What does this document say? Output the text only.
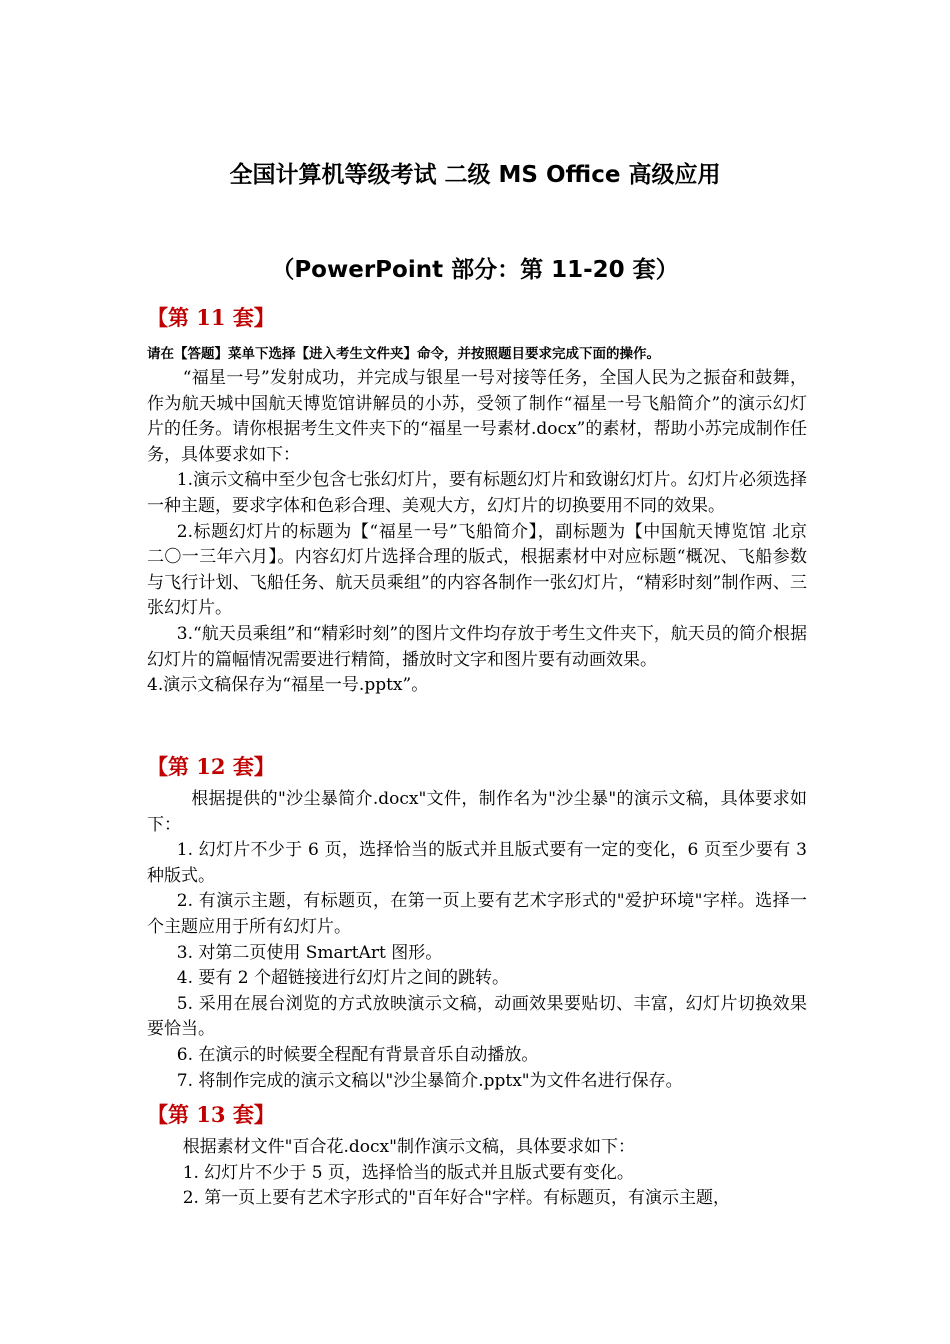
全国计算机等级考试 二级 MS Office 高级应用
（PowerPoint 部分：第 11-20 套）
【第 11 套】
请在【答题】菜单下选择【进入考生文件夹】命令，并按照题目要求完成下面的操作。

“福星一号”发射成功，并完成与银星一号对接等任务，全国人民为之振奋和鼓舞，作为航天城中国航天博览馆讲解员的小苏，受领了制作“福星一号飞船简介”的演示幻灯片的任务。请你根据考生文件夹下的“福星一号素材.docx”的素材，帮助小苏完成制作任务，具体要求如下：

1.演示文稿中至少包含七张幻灯片，要有标题幻灯片和致谢幻灯片。幻灯片必须选择一种主题，要求字体和色彩合理、美观大方，幻灯片的切换要用不同的效果。

2.标题幻灯片的标题为【“福星一号”飞船简介】，副标题为【中国航天博览馆 北京 二〇一三年六月】。内容幻灯片选择合理的版式，根据素材中对应标题“概况、飞船参数与飞行计划、飞船任务、航天员乘组”的内容各制作一张幻灯片，“精彩时刻”制作两、三张幻灯片。

3.“航天员乘组”和“精彩时刻”的图片文件均存放于考生文件夹下，航天员的简介根据幻灯片的篇幅情况需要进行精简，播放时文字和图片要有动画效果。

4.演示文稿保存为“福星一号.pptx”。

【第 12 套】

根据提供的"沙尘暴简介.docx"文件，制作名为"沙尘暴"的演示文稿，具体要求如下：

1. 幻灯片不少于 6 页，选择恰当的版式并且版式要有一定的变化，6 页至少要有 3 种版式。

2. 有演示主题，有标题页，在第一页上要有艺术字形式的"爱护环境"字样。选择一个主题应用于所有幻灯片。

3. 对第二页使用 SmartArt 图形。

4. 要有 2 个超链接进行幻灯片之间的跳转。

5. 采用在展台浏览的方式放映演示文稿，动画效果要贴切、丰富，幻灯片切换效果要恰当。

6. 在演示的时候要全程配有背景音乐自动播放。

7. 将制作完成的演示文稿以"沙尘暴简介.pptx"为文件名进行保存。

【第 13 套】

根据素材文件"百合花.docx"制作演示文稿，具体要求如下：

1. 幻灯片不少于 5 页，选择恰当的版式并且版式要有变化。

2. 第一页上要有艺术字形式的"百年好合"字样。有标题页，有演示主题，
